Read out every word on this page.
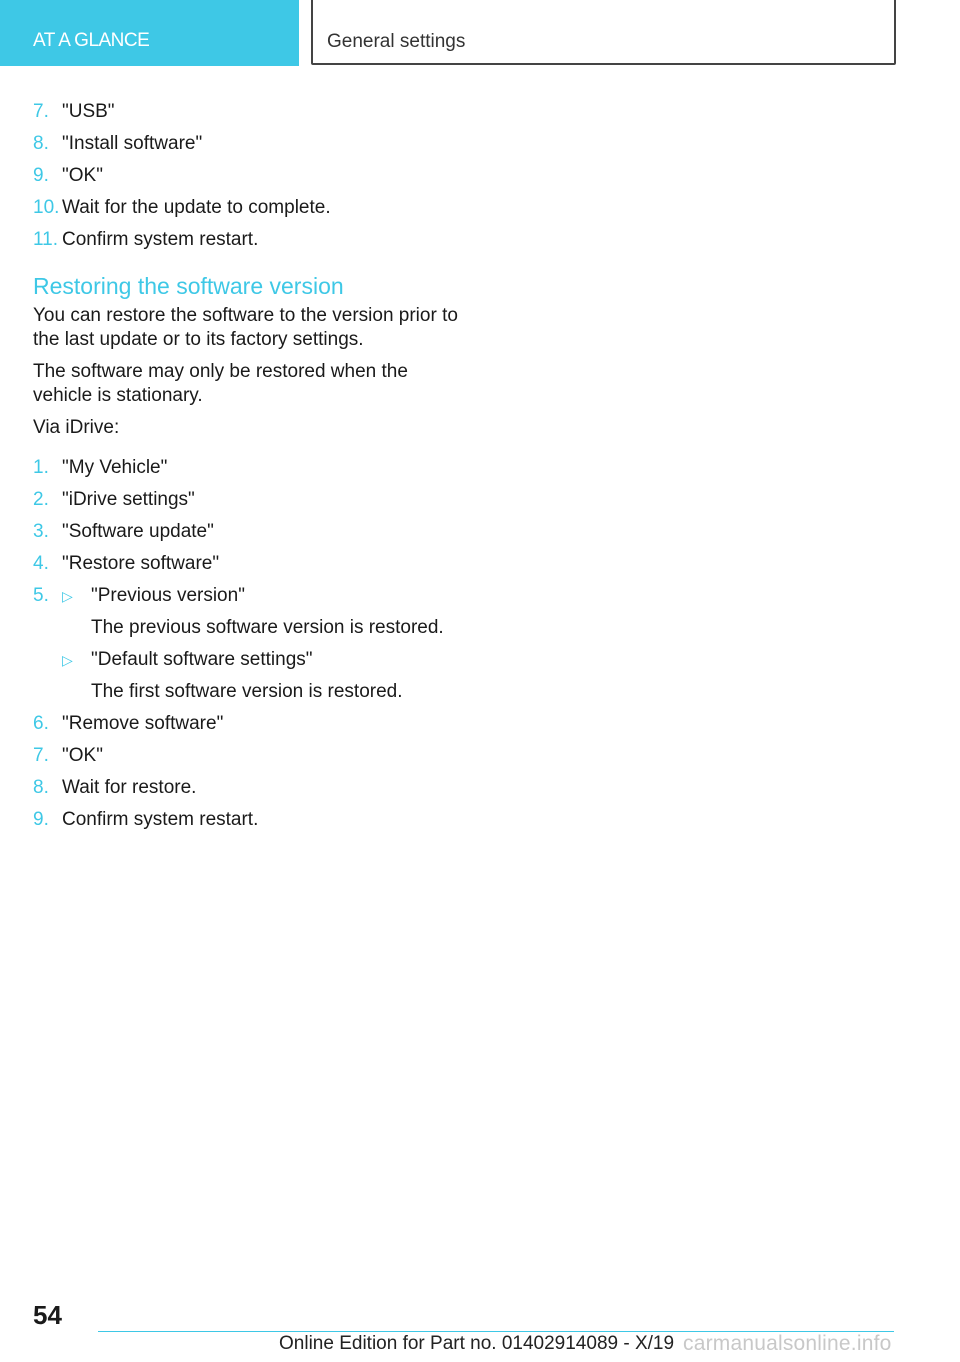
AT A GLANCE	General settings
7. "USB"
8. "Install software"
9. "OK"
10. Wait for the update to complete.
11. Confirm system restart.
Restoring the software version

You can restore the software to the version prior to the last update or to its factory settings.

The software may only be restored when the vehicle is stationary.

Via iDrive:

1. "My Vehicle"
2. "iDrive settings"
3. "Software update"
4. "Restore software"
5. ▷ "Previous version"
The previous software version is restored.
▷ "Default software settings"
The first software version is restored.
6. "Remove software"
7. "OK"
8. Wait for restore.
9. Confirm system restart.
54
Online Edition for Part no. 01402914089 - X/19 carmanualsonline.info
